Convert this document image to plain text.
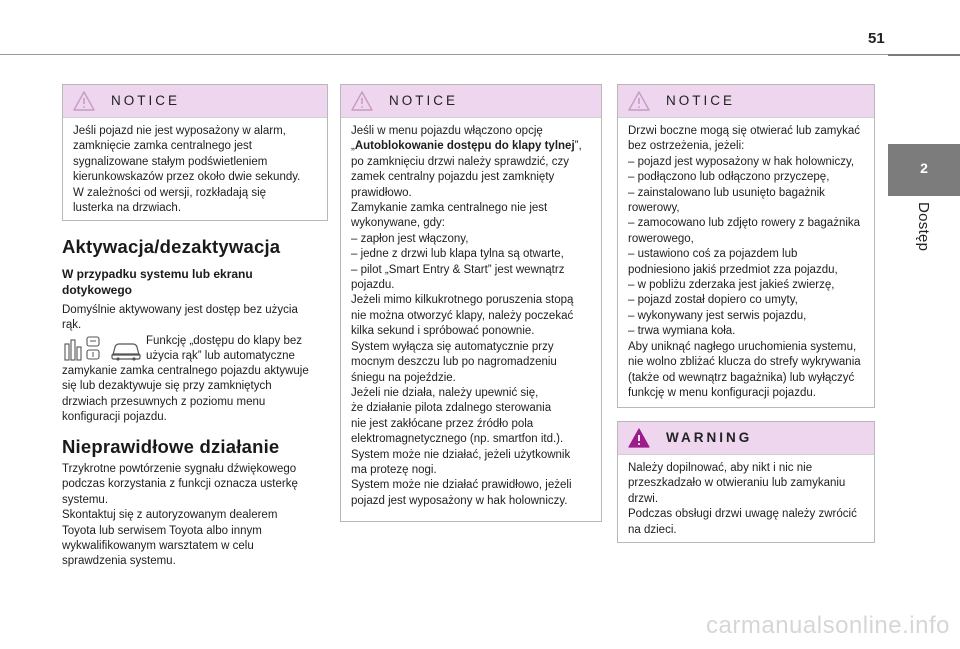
51
2
Dostęp
NOTICE
Jeśli pojazd nie jest wyposażony w alarm,
zamknięcie zamka centralnego jest
sygnalizowane stałym podświetleniem
kierunkowskazów przez około dwie sekundy.
W zależności od wersji, rozkładają się
lusterka na drzwiach.
Aktywacja/dezaktywacja
W przypadku systemu lub ekranu
dotykowego
Domyślnie aktywowany jest dostęp bez użycia
rąk.
Funkcję „dostępu do klapy bez
użycia rąk” lub automatyczne
zamykanie zamka centralnego pojazdu aktywuje
się lub dezaktywuje się przy zamkniętych
drzwiach przesuwnych z poziomu menu
konfiguracji pojazdu.
Nieprawidłowe działanie
Trzykrotne powtórzenie sygnału dźwiękowego
podczas korzystania z funkcji oznacza usterkę
systemu.
Skontaktuj się z autoryzowanym dealerem
Toyota lub serwisem Toyota albo innym
wykwalifikowanym warsztatem w celu
sprawdzenia systemu.
NOTICE
Jeśli w menu pojazdu włączono opcję
„Autoblokowanie dostępu do klapy tylnej”,
po zamknięciu drzwi należy sprawdzić, czy
zamek centralny pojazdu jest zamknięty
prawidłowo.
Zamykanie zamka centralnego nie jest
wykonywane, gdy:
– zapłon jest włączony,
– jedne z drzwi lub klapa tylna są otwarte,
– pilot „Smart Entry & Start” jest wewnątrz
pojazdu.
Jeżeli mimo kilkukrotnego poruszenia stopą
nie można otworzyć klapy, należy poczekać
kilka sekund i spróbować ponownie.
System wyłącza się automatycznie przy
mocnym deszczu lub po nagromadzeniu
śniegu na pojeździe.
Jeżeli nie działa, należy upewnić się,
że działanie pilota zdalnego sterowania
nie jest zakłócane przez źródło pola
elektromagnetycznego (np. smartfon itd.).
System może nie działać, jeżeli użytkownik
ma protezę nogi.
System może nie działać prawidłowo, jeżeli
pojazd jest wyposażony w hak holowniczy.
NOTICE
Drzwi boczne mogą się otwierać lub zamykać
bez ostrzeżenia, jeżeli:
– pojazd jest wyposażony w hak holowniczy,
– podłączono lub odłączono przyczepę,
– zainstalowano lub usunięto bagażnik
rowerowy,
– zamocowano lub zdjęto rowery z bagażnika
rowerowego,
– ustawiono coś za pojazdem lub
podniesiono jakiś przedmiot zza pojazdu,
– w pobliżu zderzaka jest jakieś zwierzę,
– pojazd został dopiero co umyty,
– wykonywany jest serwis pojazdu,
– trwa wymiana koła.
Aby uniknąć nagłego uruchomienia systemu,
nie wolno zbliżać klucza do strefy wykrywania
(także od wewnątrz bagażnika) lub wyłączyć
funkcję w menu konfiguracji pojazdu.
WARNING
Należy dopilnować, aby nikt i nic nie
przeszkadzało w otwieraniu lub zamykaniu
drzwi.
Podczas obsługi drzwi uwagę należy zwrócić
na dzieci.
carmanualsonline.info
